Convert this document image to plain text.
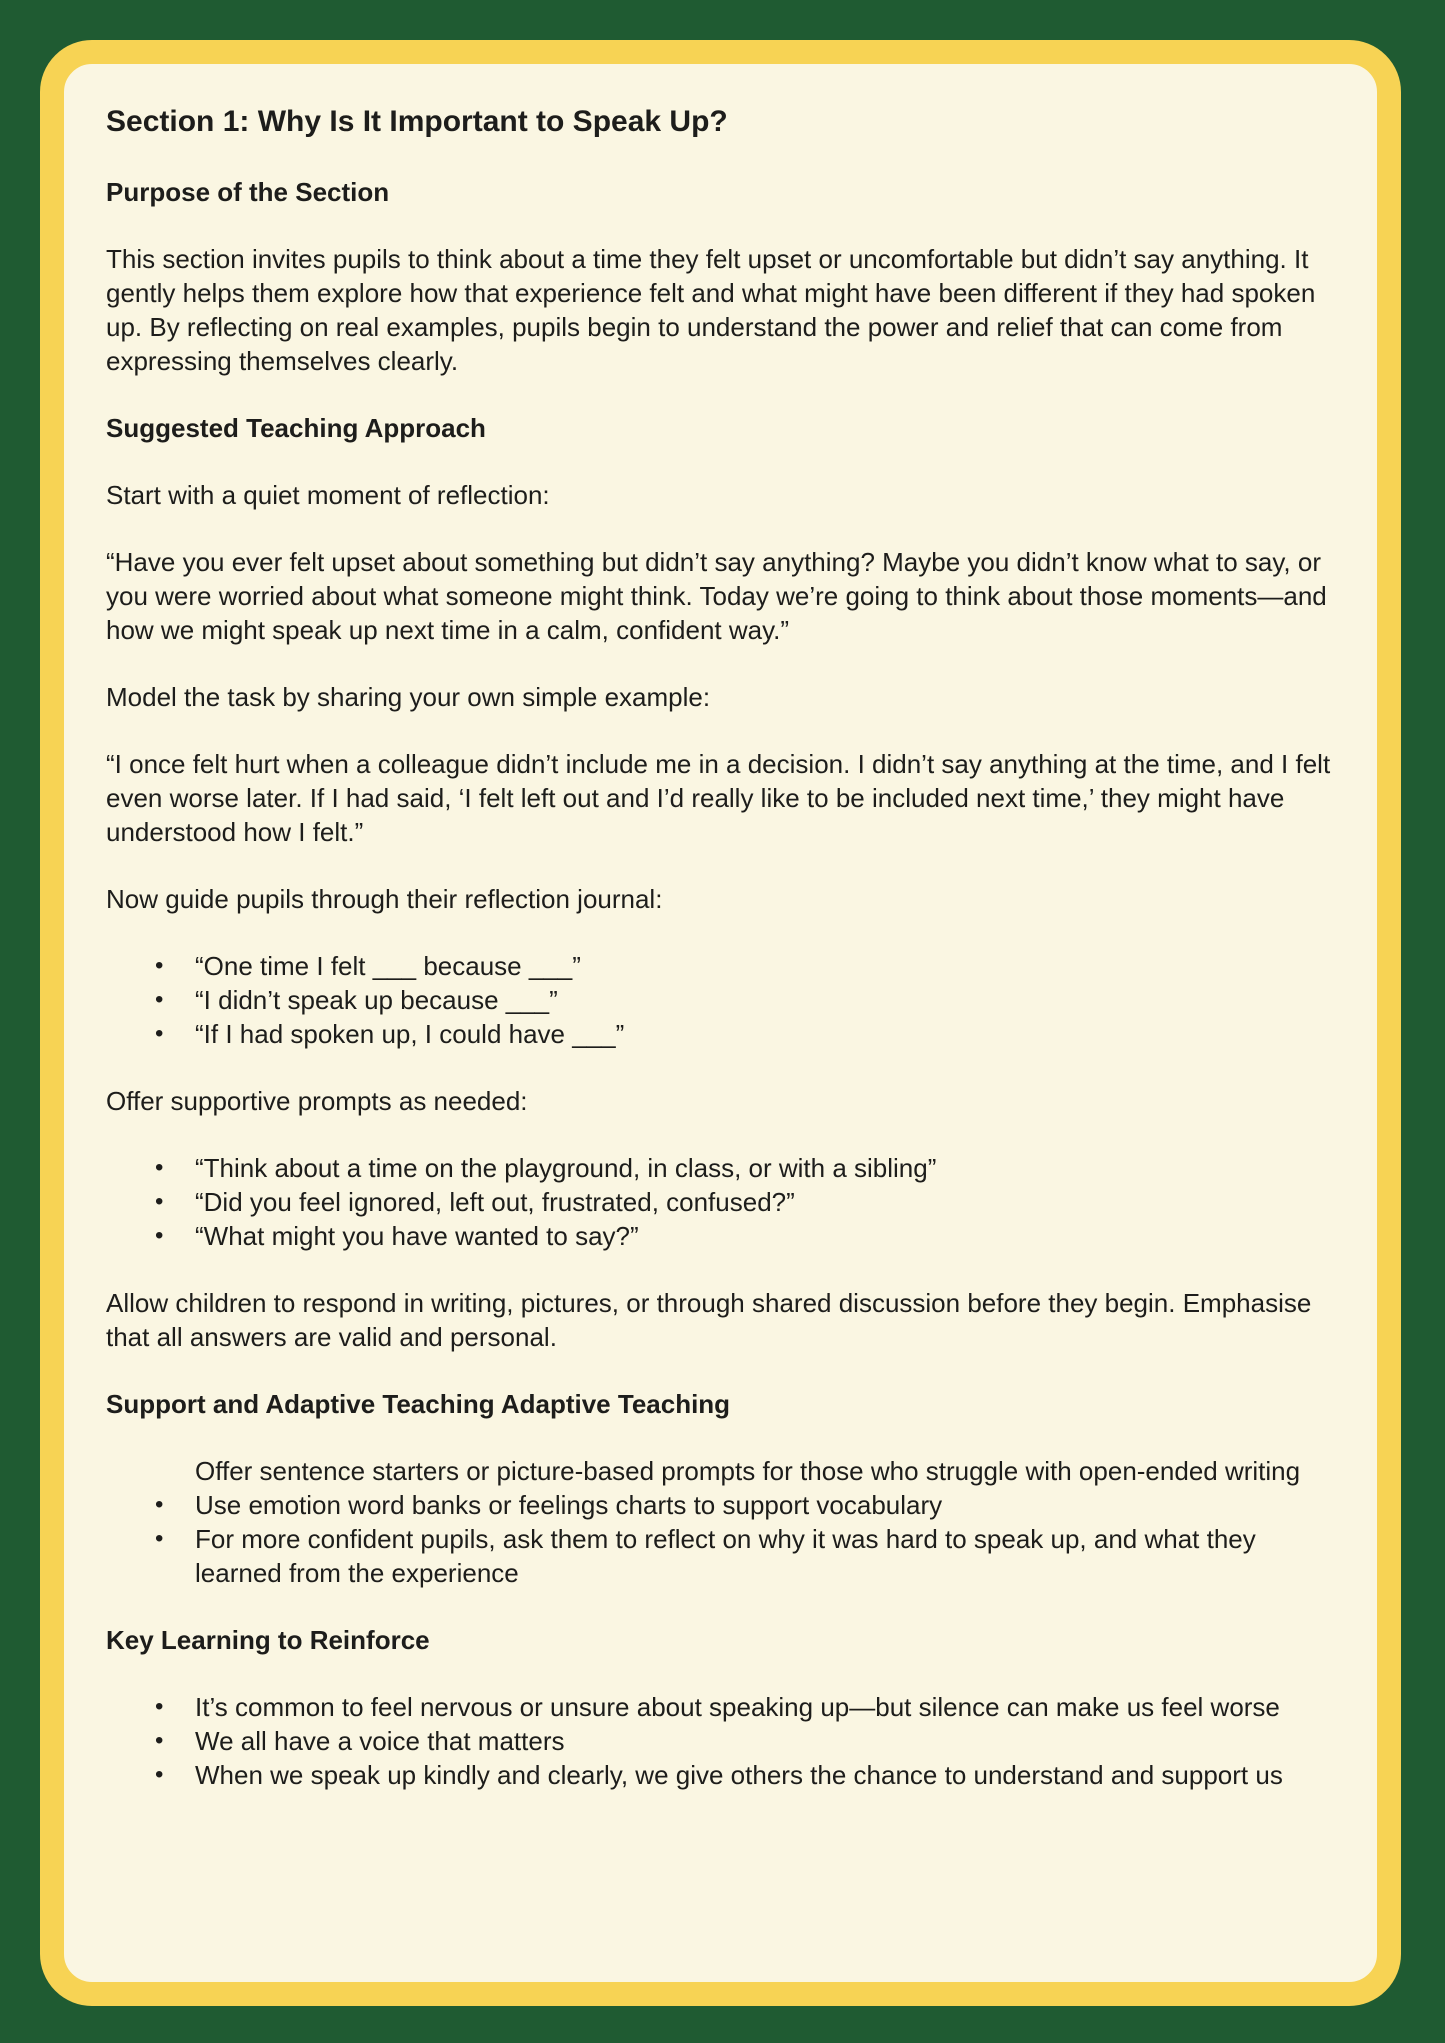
Section 1: Why Is It Important to Speak Up?
Purpose of the Section

This section invites pupils to think about a time they felt upset or uncomfortable but didn’t say anything. It gently helps them explore how that experience felt and what might have been different if they had spoken up. By reflecting on real examples, pupils begin to understand the power and relief that can come from expressing themselves clearly.

Suggested Teaching Approach

Start with a quiet moment of reflection:

“Have you ever felt upset about something but didn’t say anything? Maybe you didn’t know what to say, or you were worried about what someone might think. Today we’re going to think about those moments—and how we might speak up next time in a calm, confident way.”

Model the task by sharing your own simple example:

“I once felt hurt when a colleague didn’t include me in a decision. I didn’t say anything at the time, and I felt even worse later. If I had said, ‘I felt left out and I’d really like to be included next time,’ they might have understood how I felt.”

Now guide pupils through their reflection journal:

•	“One time I felt ___ because ___”
•	“I didn’t speak up because ___”
•	“If I had spoken up, I could have ___”

Offer supportive prompts as needed:

•	“Think about a time on the playground, in class, or with a sibling”
•	“Did you feel ignored, left out, frustrated, confused?”
•	“What might you have wanted to say?”

Allow children to respond in writing, pictures, or through shared discussion before they begin. Emphasise that all answers are valid and personal.

Support and Adaptive Teaching Adaptive Teaching
Offer sentence starters or picture-based prompts for those who struggle with open-ended writing
•	Use emotion word banks or feelings charts to support vocabulary
•	For more confident pupils, ask them to reflect on why it was hard to speak up, and what they learned from the experience
Key Learning to Reinforce
•	It’s common to feel nervous or unsure about speaking up—but silence can make us feel worse
•	We all have a voice that matters
•	When we speak up kindly and clearly, we give others the chance to understand and support us
